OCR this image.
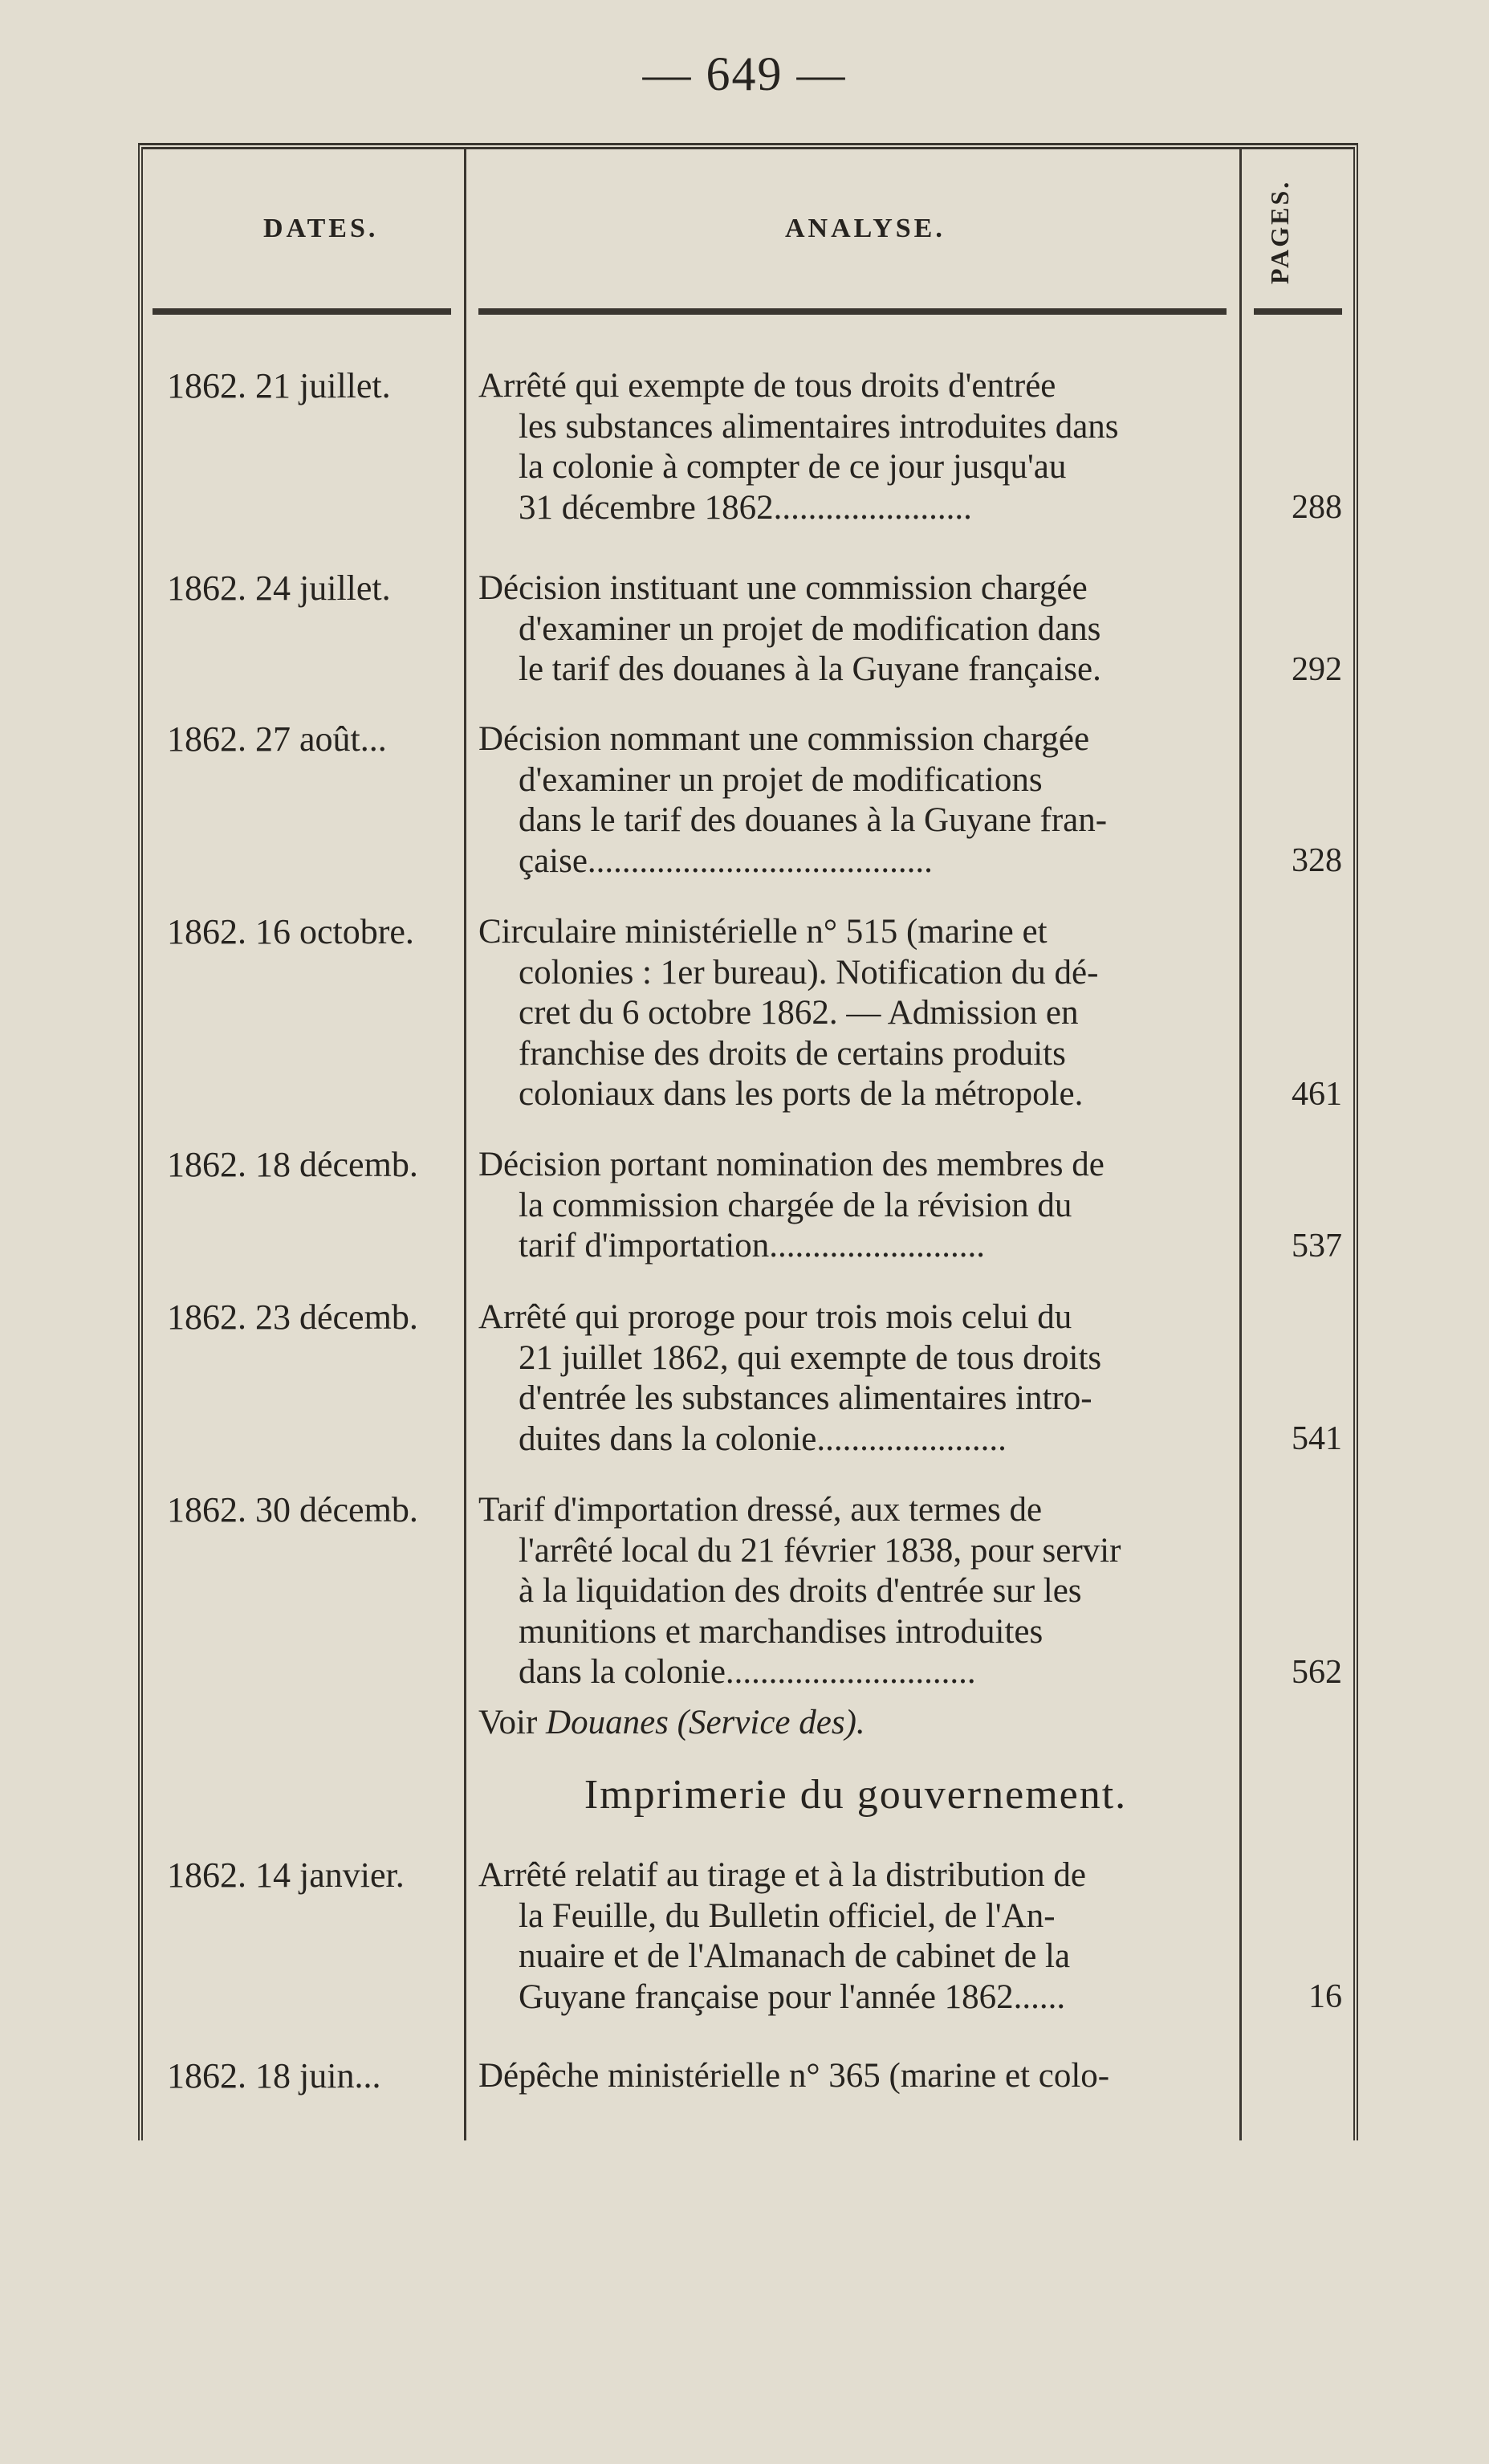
— 649 —
DATES.	ANALYSE.	PAGES.
1862. 21 juillet.	Arrêté qui exempte de tous droits d'entrée
les substances alimentaires introduites dans
la colonie à compter de ce jour jusqu'au
31 décembre 1862.......................	288
1862. 24 juillet.	Décision instituant une commission chargée
d'examiner un projet de modification dans
le tarif des douanes à la Guyane française.	292
1862. 27 août...	Décision nommant une commission chargée
d'examiner un projet de modifications
dans le tarif des douanes à la Guyane fran-
çaise........................................	328
1862. 16 octobre.	Circulaire ministérielle n° 515 (marine et
colonies : 1er bureau). Notification du dé-
cret du 6 octobre 1862. — Admission en
franchise des droits de certains produits
coloniaux dans les ports de la métropole.	461
1862. 18 décemb.	Décision portant nomination des membres de
la commission chargée de la révision du
tarif d'importation.........................	537
1862. 23 décemb.	Arrêté qui proroge pour trois mois celui du
21 juillet 1862, qui exempte de tous droits
d'entrée les substances alimentaires intro-
duites dans la colonie......................	541
1862. 30 décemb.	Tarif d'importation dressé, aux termes de
l'arrêté local du 21 février 1838, pour servir
à la liquidation des droits d'entrée sur les
munitions et marchandises introduites
dans la colonie.............................	562
Voir Douanes (Service des).
Imprimerie du gouvernement.
1862. 14 janvier.	Arrêté relatif au tirage et à la distribution de
la Feuille, du Bulletin officiel, de l'An-
nuaire et de l'Almanach de cabinet de la
Guyane française pour l'année 1862......	16
1862. 18 juin...	Dépêche ministérielle n° 365 (marine et colo-
